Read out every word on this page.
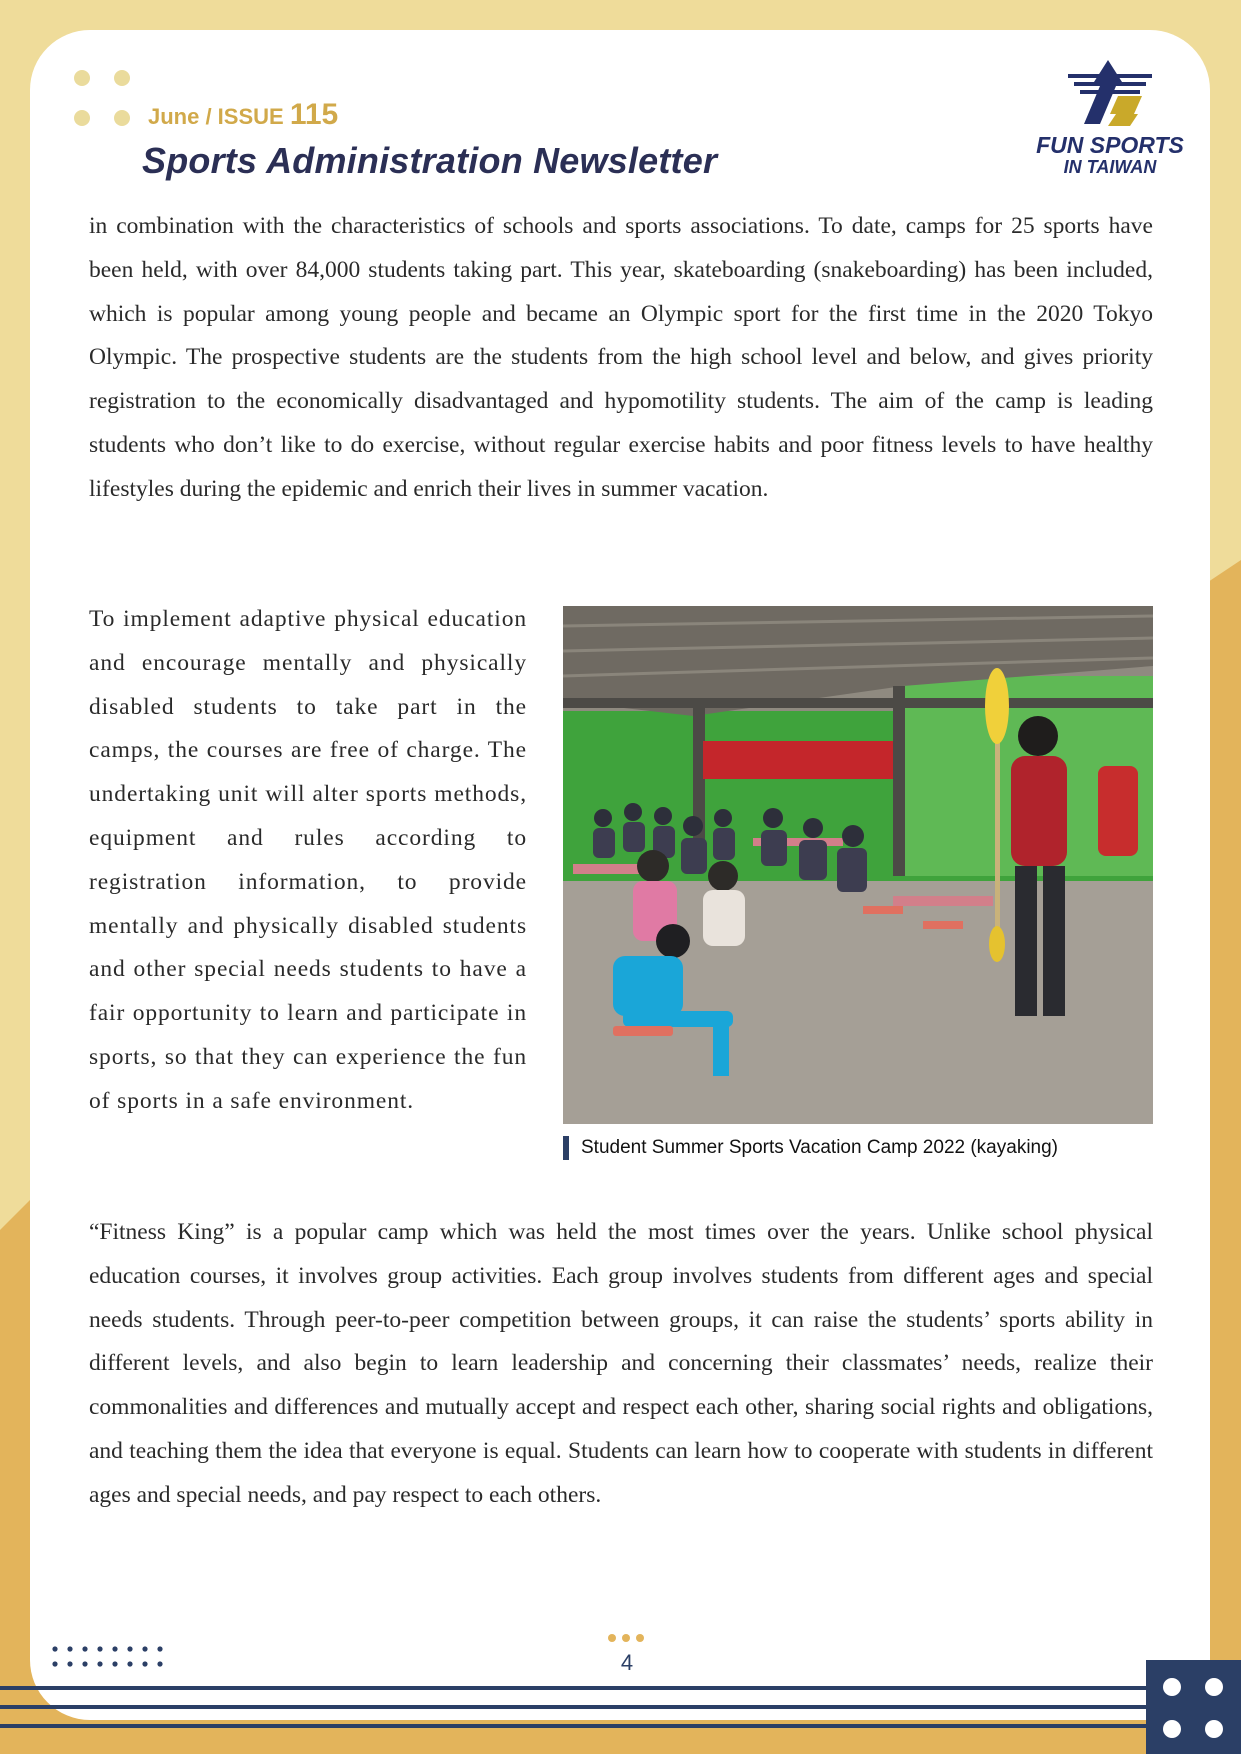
June / ISSUE 115
Sports Administration Newsletter	FUN SPORTS
IN TAIWAN

in combination with the characteristics of schools and sports associations. To date, camps for 25 sports have been held, with over 84,000 students taking part. This year, skateboarding (snakeboarding) has been included, which is popular among young people and became an Olympic sport for the first time in the 2020 Tokyo Olympic. The prospective students are the students from the high school level and below, and gives priority registration to the economically disadvantaged and hypomotility students. The aim of the camp is leading students who don’t like to do exercise, without regular exercise habits and poor fitness levels to have healthy lifestyles during the epidemic and enrich their lives in summer vacation.

To implement adaptive physical education and encourage mentally and physically disabled students to take part in the camps, the courses are free of charge. The undertaking unit will alter sports methods, equipment and rules according to registration information, to provide mentally and physically disabled students and other special needs students to have a fair opportunity to learn and participate in sports, so that they can experience the fun of sports in a safe environment.

Student Summer Sports Vacation Camp 2022 (kayaking)

“Fitness King” is a popular camp which was held the most times over the years. Unlike school physical education courses, it involves group activities. Each group involves students from different ages and special needs students. Through peer-to-peer competition between groups, it can raise the students’ sports ability in different levels, and also begin to learn leadership and concerning their classmates’ needs, realize their commonalities and differences and mutually accept and respect each other, sharing social rights and obligations, and teaching them the idea that everyone is equal. Students can learn how to cooperate with students in different ages and special needs, and pay respect to each others.

4
